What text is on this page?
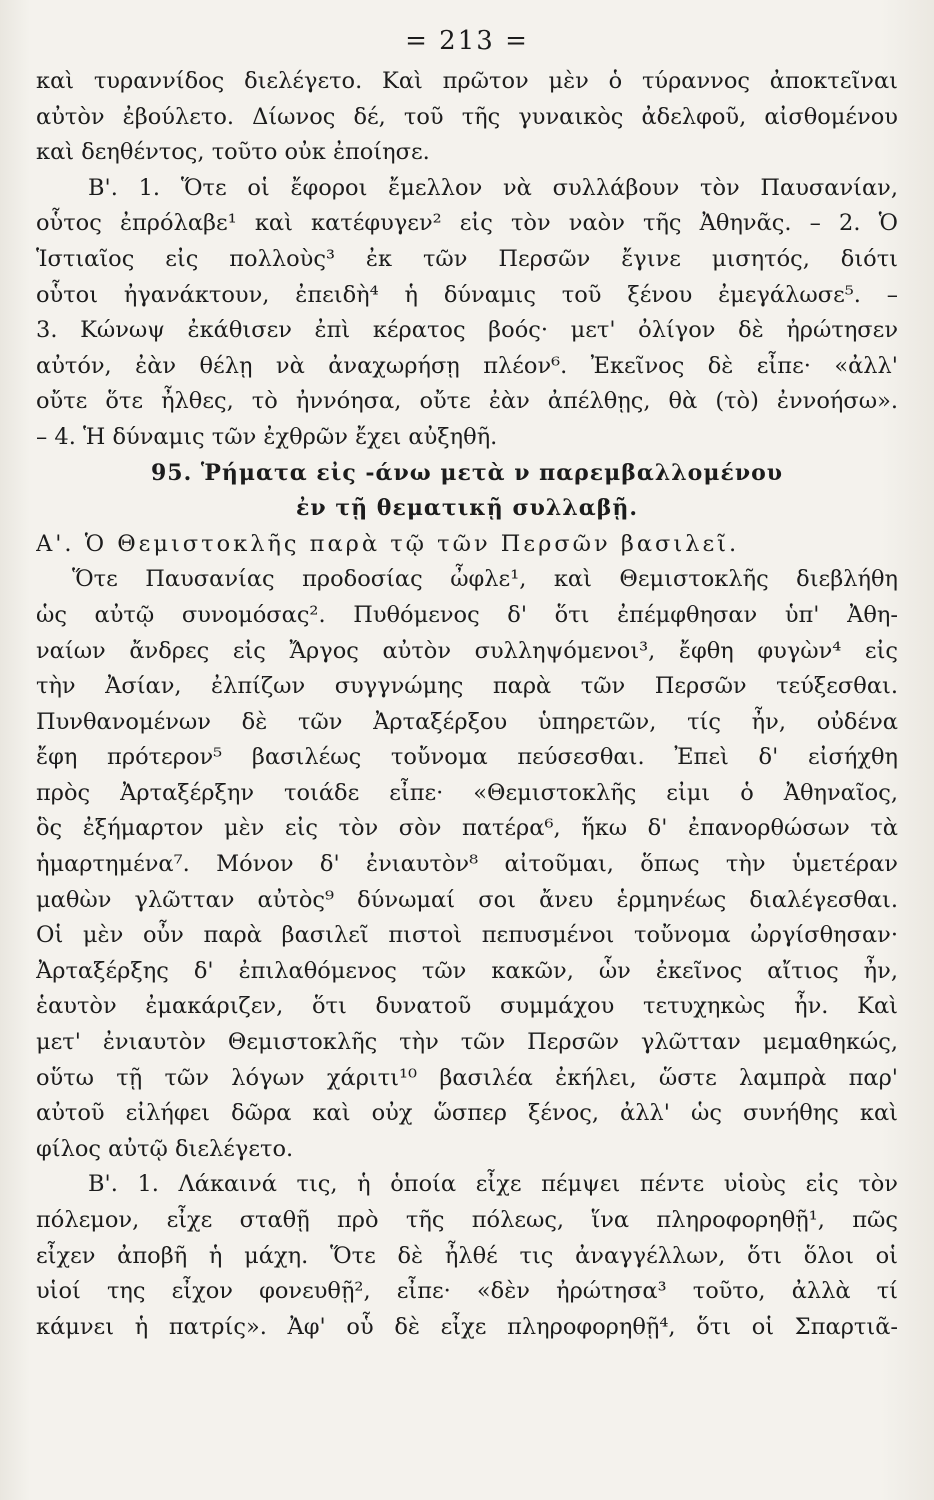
= 213 =
καὶ τυραννίδος διελέγετο. Καὶ πρῶτον μὲν ὁ τύραννος ἀποκτεῖναι
αὐτὸν ἐβούλετο. Δίωνος δέ, τοῦ τῆς γυναικὸς ἀδελφοῦ, αἰσθομένου
καὶ δεηθέντος, τοῦτο οὐκ ἐποίησε.
Β'. 1. Ὅτε οἱ ἔφοροι ἔμελλον νὰ συλλάβουν τὸν Παυσανίαν,
οὗτος ἐπρόλαβε¹ καὶ κατέφυγεν² εἰς τὸν ναὸν τῆς Ἀθηνᾶς. – 2. Ὁ
Ἱστιαῖος εἰς πολλοὺς³ ἐκ τῶν Περσῶν ἔγινε μισητός, διότι
οὗτοι ἠγανάκτουν, ἐπειδὴ⁴ ἡ δύναμις τοῦ ξένου ἐμεγάλωσε⁵. –
3. Κώνωψ ἐκάθισεν ἐπὶ κέρατος βοός· μετ' ὀλίγον δὲ ἠρώτησεν
αὐτόν, ἐὰν θέλῃ νὰ ἀναχωρήσῃ πλέον⁶. Ἐκεῖνος δὲ εἶπε· «ἀλλ'
οὔτε ὅτε ἦλθες, τὸ ἠννόησα, οὔτε ἐὰν ἀπέλθῃς, θὰ (τὸ) ἐννοήσω».
– 4. Ἡ δύναμις τῶν ἐχθρῶν ἔχει αὐξηθῆ.
95. Ῥήματα εἰς -άνω μετὰ ν παρεμβαλλομένου
ἐν τῇ θεματικῇ συλλαβῇ.
Α'. Ὁ Θεμιστοκλῆς παρὰ τῷ τῶν Περσῶν βασιλεῖ.
Ὅτε Παυσανίας προδοσίας ὦφλε¹, καὶ Θεμιστοκλῆς διεβλήθη
ὡς αὐτῷ συνομόσας². Πυθόμενος δ' ὅτι ἐπέμφθησαν ὑπ' Ἀθη-
ναίων ἄνδρες εἰς Ἄργος αὐτὸν συλληψόμενοι³, ἔφθη φυγὼν⁴ εἰς
τὴν Ἀσίαν, ἐλπίζων συγγνώμης παρὰ τῶν Περσῶν τεύξεσθαι.
Πυνθανομένων δὲ τῶν Ἀρταξέρξου ὑπηρετῶν, τίς ἦν, οὐδένα
ἔφη πρότερον⁵ βασιλέως τοὔνομα πεύσεσθαι. Ἐπεὶ δ' εἰσήχθη
πρὸς Ἀρταξέρξην τοιάδε εἶπε· «Θεμιστοκλῆς εἰμι ὁ Ἀθηναῖος,
ὃς ἐξήμαρτον μὲν εἰς τὸν σὸν πατέρα⁶, ἥκω δ' ἐπανορθώσων τὰ
ἡμαρτημένα⁷. Μόνον δ' ἐνιαυτὸν⁸ αἰτοῦμαι, ὅπως τὴν ὑμετέραν
μαθὼν γλῶτταν αὐτὸς⁹ δύνωμαί σοι ἄνευ ἑρμηνέως διαλέγεσθαι.
Οἱ μὲν οὖν παρὰ βασιλεῖ πιστοὶ πεπυσμένοι τοὔνομα ὠργίσθησαν·
Ἀρταξέρξης δ' ἐπιλαθόμενος τῶν κακῶν, ὧν ἐκεῖνος αἴτιος ἦν,
ἑαυτὸν ἐμακάριζεν, ὅτι δυνατοῦ συμμάχου τετυχηκὼς ἦν. Καὶ
μετ' ἐνιαυτὸν Θεμιστοκλῆς τὴν τῶν Περσῶν γλῶτταν μεμαθηκώς,
οὕτω τῇ τῶν λόγων χάριτι¹⁰ βασιλέα ἐκήλει, ὥστε λαμπρὰ παρ'
αὐτοῦ εἰλήφει δῶρα καὶ οὐχ ὥσπερ ξένος, ἀλλ' ὡς συνήθης καὶ
φίλος αὐτῷ διελέγετο.
Β'. 1. Λάκαινά τις, ἡ ὁποία εἶχε πέμψει πέντε υἱοὺς εἰς τὸν
πόλεμον, εἶχε σταθῇ πρὸ τῆς πόλεως, ἵνα πληροφορηθῇ¹, πῶς
εἶχεν ἀποβῆ ἡ μάχη. Ὅτε δὲ ἦλθέ τις ἀναγγέλλων, ὅτι ὅλοι οἱ
υἱοί της εἶχον φονευθῇ², εἶπε· «δὲν ἠρώτησα³ τοῦτο, ἀλλὰ τί
κάμνει ἡ πατρίς». Ἀφ' οὗ δὲ εἶχε πληροφορηθῇ⁴, ὅτι οἱ Σπαρτιᾶ-
